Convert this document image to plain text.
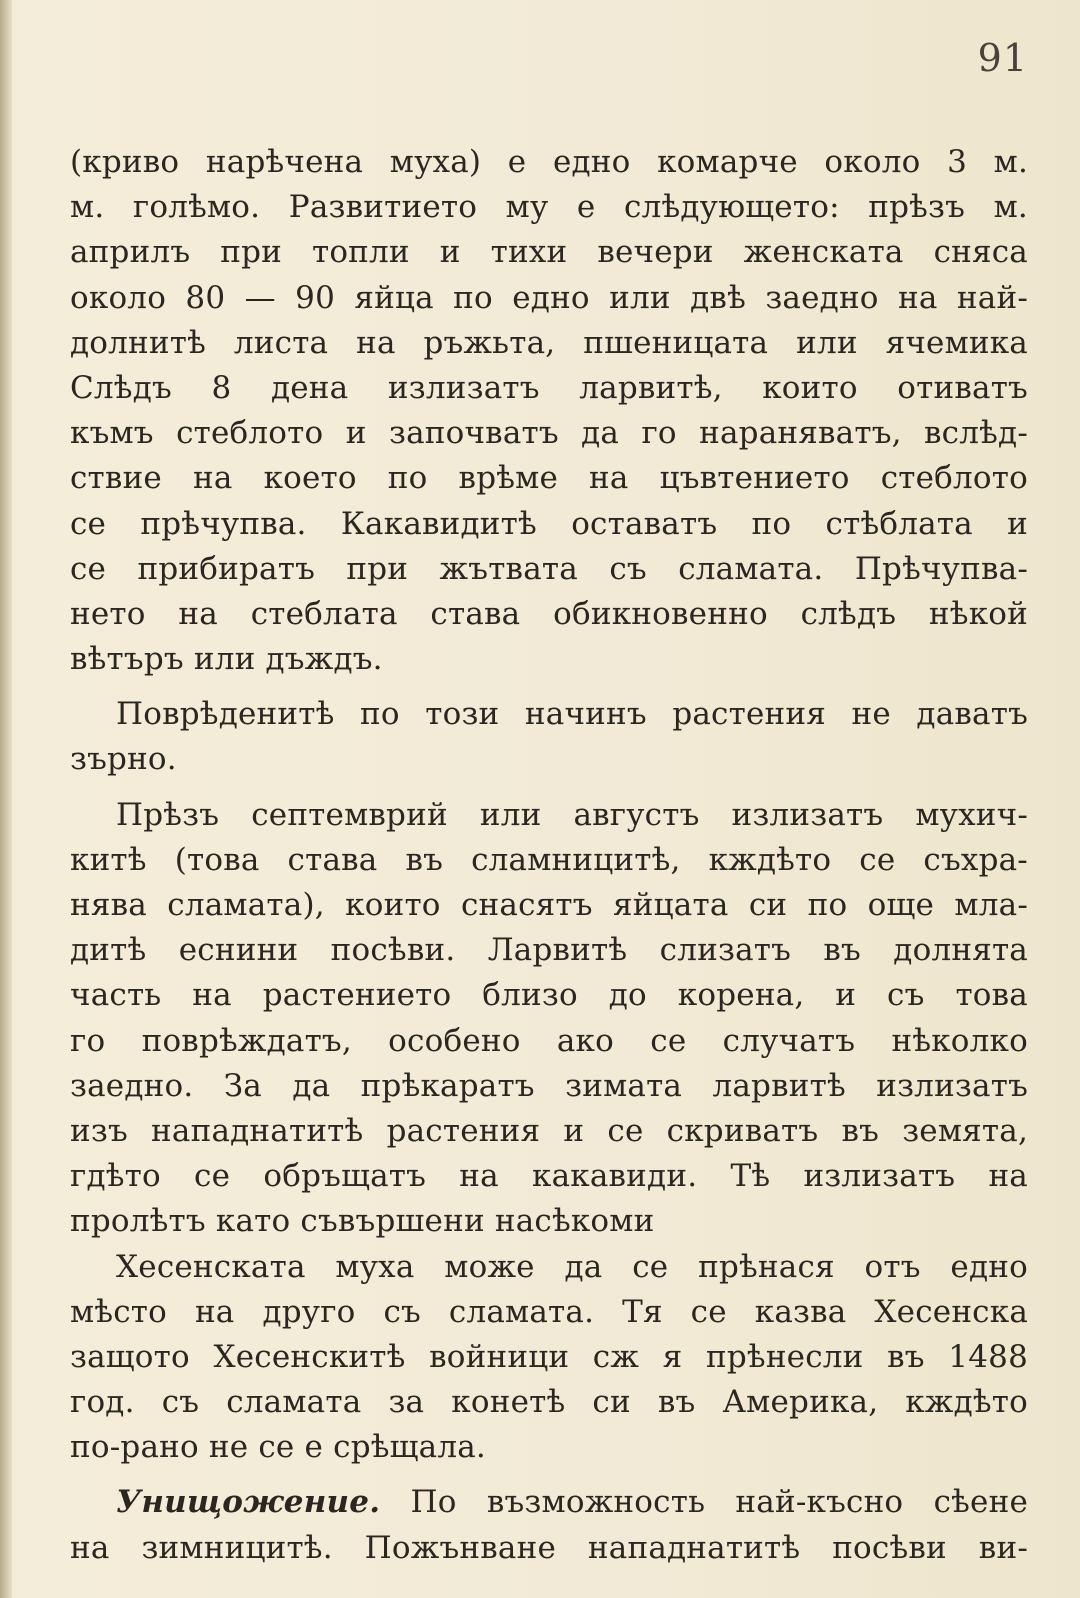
91
(криво нарѣчена муха) е едно комарче около 3 м.
м. голѣмо. Развитието му е слѣдующето: прѣзъ м.
априлъ при топли и тихи вечери женската сняса
около 80 — 90 яйца по едно или двѣ заедно на най-
долнитѣ листа на ръжьта, пшеницата или ячемика
Слѣдъ 8 дена излизатъ ларвитѣ, които отиватъ
къмъ стеблото и започватъ да го нараняватъ, вслѣд-
ствие на което по врѣме на цъвтението стеблото
се прѣчупва. Какавидитѣ оставатъ по стѣблата и
се прибиратъ при жътвата съ сламата. Прѣчупва-
нето на стеблата става обикновенно слѣдъ нѣкой
вѣтъръ или дъждъ.
Поврѣденитѣ по този начинъ растения не даватъ
зърно.
Прѣзъ септемврий или августъ излизатъ мухич-
китѣ (това става въ сламницитѣ, кждѣто се съхра-
нява сламата), които снасятъ яйцата си по още мла-
дитѣ еснини посѣви. Ларвитѣ слизатъ въ долнята
часть на растението близо до корена, и съ това
го поврѣждатъ, особено ако се случатъ нѣколко
заедно. За да прѣкаратъ зимата ларвитѣ излизатъ
изъ нападнатитѣ растения и се скриватъ въ земята,
гдѣто се обръщатъ на какавиди. Тѣ излизатъ на
пролѣтъ като съвършени насѣкоми
Хесенската муха може да се прѣнася отъ едно
мѣсто на друго съ сламата. Тя се казва Хесенска
защото Хесенскитѣ войници сж я прѣнесли въ 1488
год. съ сламата за конетѣ си въ Америка, кждѣто
по-рано не се е срѣщала.
Унищожение. По възможность най-късно сѣене
на зимницитѣ. Пожънване нападнатитѣ посѣви ви-
